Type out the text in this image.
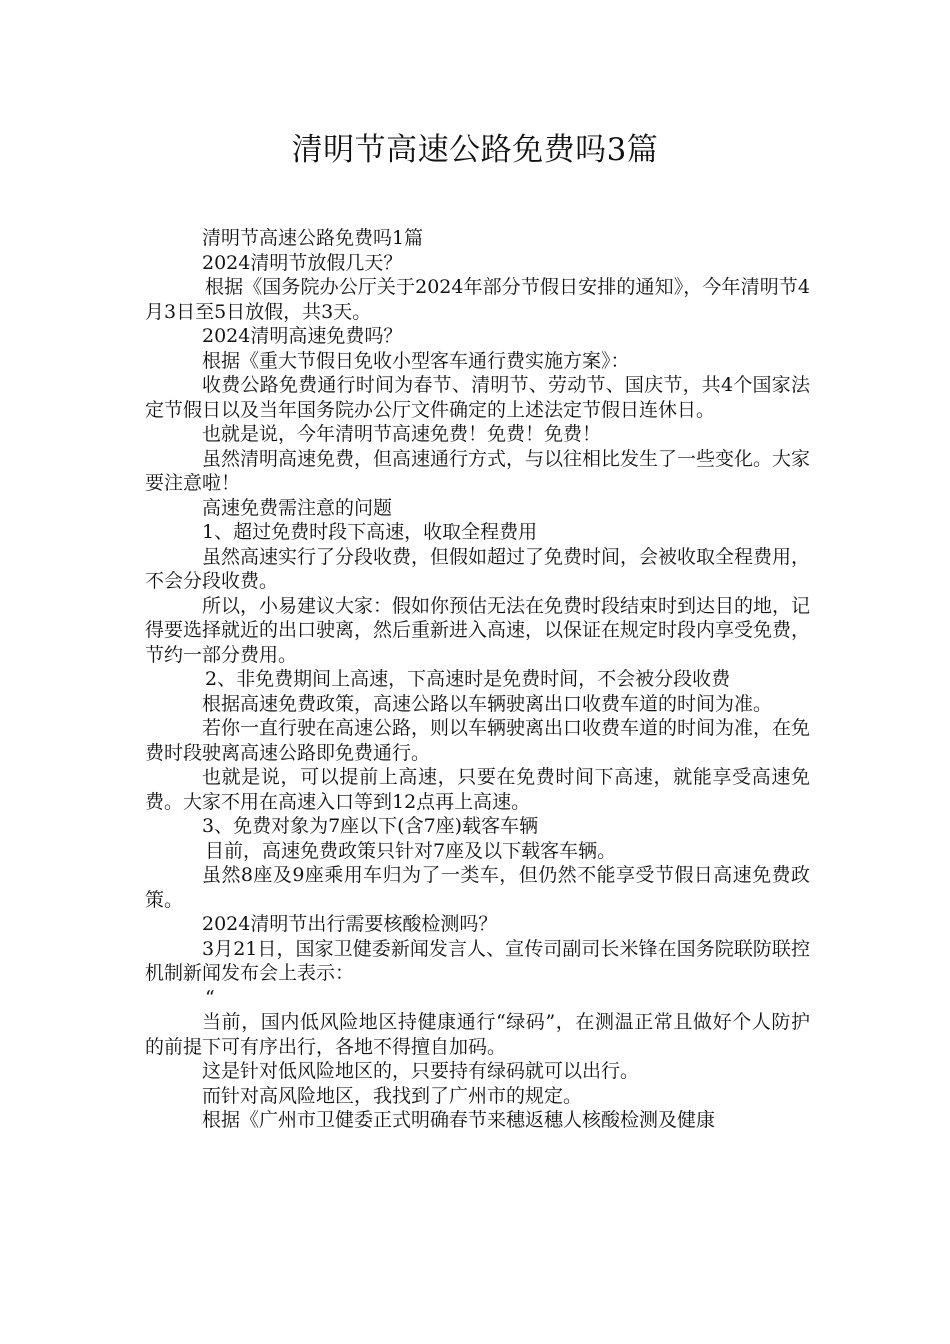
清明节高速公路免费吗3篇

清明节高速公路免费吗1篇

2024清明节放假几天？

根据《国务院办公厅关于2024年部分节假日安排的通知》，今年清明节4月3日至5日放假，共3天。

2024清明高速免费吗？

根据《重大节假日免收小型客车通行费实施方案》：

收费公路免费通行时间为春节、清明节、劳动节、国庆节，共4个国家法定节假日以及当年国务院办公厅文件确定的上述法定节假日连休日。

也就是说，今年清明节高速免费！免费！免费！

虽然清明高速免费，但高速通行方式，与以往相比发生了一些变化。大家要注意啦！

高速免费需注意的问题

1、超过免费时段下高速，收取全程费用

虽然高速实行了分段收费，但假如超过了免费时间，会被收取全程费用，不会分段收费。

所以，小易建议大家：假如你预估无法在免费时段结束时到达目的地，记得要选择就近的出口驶离，然后重新进入高速，以保证在规定时段内享受免费，节约一部分费用。

2、非免费期间上高速，下高速时是免费时间，不会被分段收费

根据高速免费政策，高速公路以车辆驶离出口收费车道的时间为准。

若你一直行驶在高速公路，则以车辆驶离出口收费车道的时间为准，在免费时段驶离高速公路即免费通行。

也就是说，可以提前上高速，只要在免费时间下高速，就能享受高速免费。大家不用在高速入口等到12点再上高速。

3、免费对象为7座以下(含7座)载客车辆

目前，高速免费政策只针对7座及以下载客车辆。

虽然8座及9座乘用车归为了一类车，但仍然不能享受节假日高速免费政策。

2024清明节出行需要核酸检测吗？

3月21日，国家卫健委新闻发言人、宣传司副司长米锋在国务院联防联控机制新闻发布会上表示：

“

当前，国内低风险地区持健康通行“绿码”，在测温正常且做好个人防护的前提下可有序出行，各地不得擅自加码。

这是针对低风险地区的，只要持有绿码就可以出行。

而针对高风险地区，我找到了广州市的规定。

根据《广州市卫健委正式明确春节来穗返穗人核酸检测及健康
